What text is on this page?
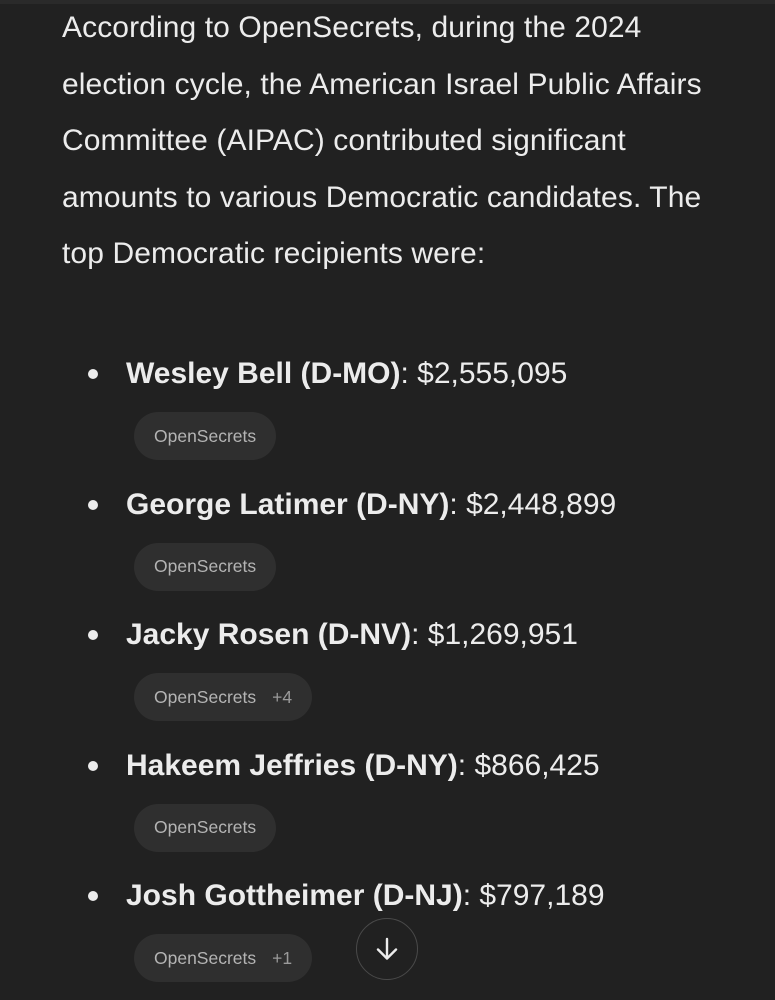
According to OpenSecrets, during the 2024 election cycle, the American Israel Public Affairs Committee (AIPAC) contributed significant amounts to various Democratic candidates. The top Democratic recipients were:

Wesley Bell (D-MO): $2,555,095
OpenSecrets
George Latimer (D-NY): $2,448,899
OpenSecrets
Jacky Rosen (D-NV): $1,269,951
OpenSecrets +4
Hakeem Jeffries (D-NY): $866,425
OpenSecrets
Josh Gottheimer (D-NJ): $797,189
OpenSecrets +1
